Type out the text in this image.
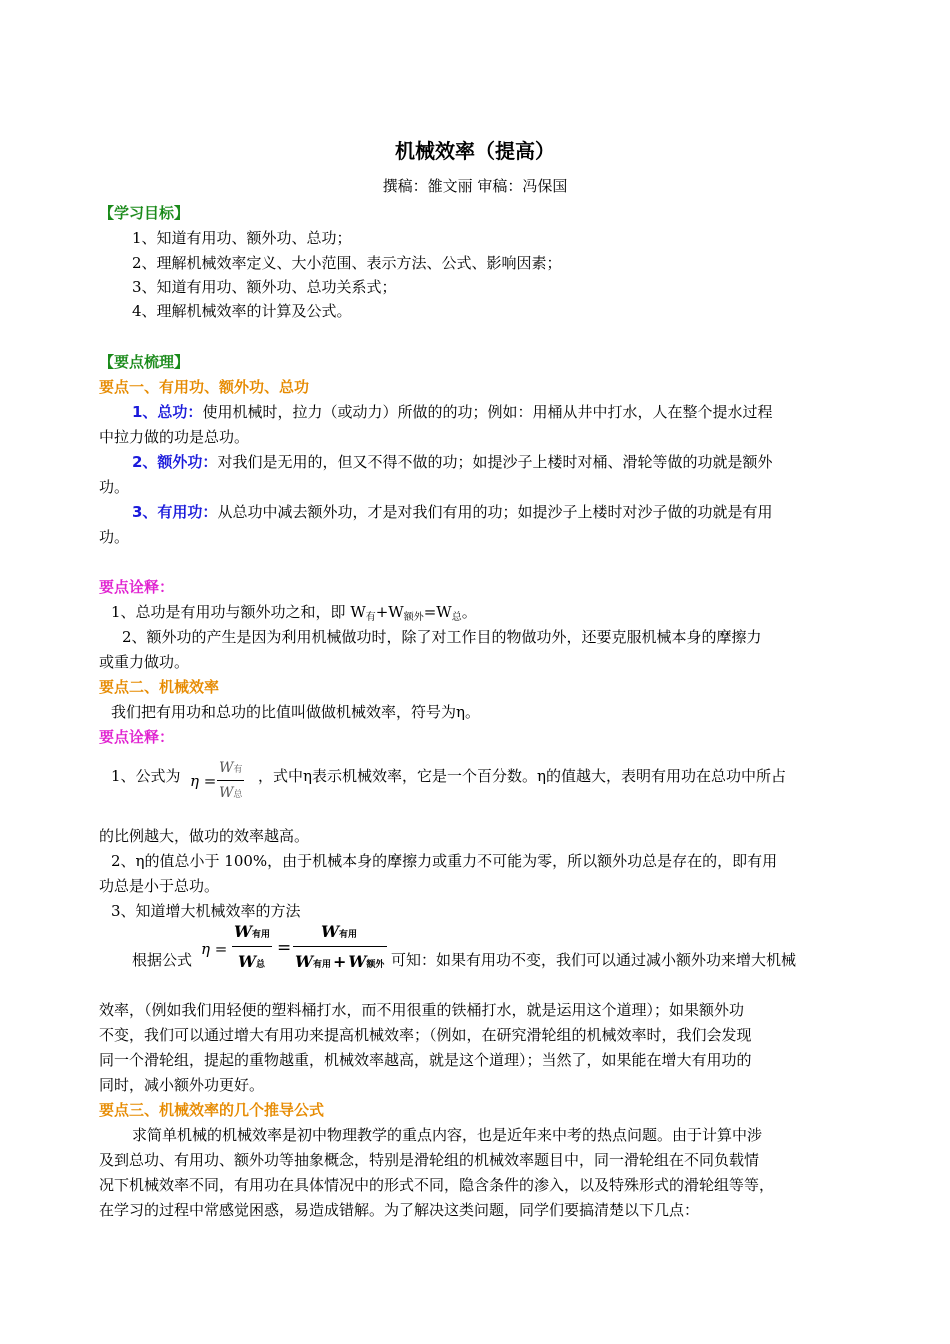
机械效率（提高）
撰稿：雒文丽 审稿：冯保国
【学习目标】
1、知道有用功、额外功、总功；
2、理解机械效率定义、大小范围、表示方法、公式、影响因素；
3、知道有用功、额外功、总功关系式；
4、理解机械效率的计算及公式。
【要点梳理】
要点一、有用功、额外功、总功
1、总功：使用机械时，拉力（或动力）所做的的功；例如：用桶从井中打水，人在整个提水过程
中拉力做的功是总功。
2、额外功：对我们是无用的，但又不得不做的功；如提沙子上楼时对桶、滑轮等做的功就是额外
功。
3、有用功：从总功中减去额外功，才是对我们有用的功；如提沙子上楼时对沙子做的功就是有用
功。
要点诠释：
1、总功是有用功与额外功之和，即 $W_有+W_{额外}=W_总$。
2、额外功的产生是因为利用机械做功时，除了对工作目的物做功外，还要克服机械本身的摩擦力
或重力做功。
要点二、机械效率
我们把有用功和总功的比值叫做做机械效率，符号为η。
要点诠释：
1、公式为 η =
W有
W总
，式中η表示机械效率，它是一个百分数。η的值越大，表明有用功在总功中所占
的比例越大，做功的效率越高。
2、η的值总小于 100%，由于机械本身的摩擦力或重力不可能为零，所以额外功总是存在的，即有用
功总是小于总功。
3、知道增大机械效率的方法
根据公式
η =
W有用
W总
=
W有用
W有用 + W额外 可知：如果有用功不变，我们可以通过减小额外功来增大机械
效率，（例如我们用轻便的塑料桶打水，而不用很重的铁桶打水，就是运用这个道理）；如果额外功
不变，我们可以通过增大有用功来提高机械效率；（例如，在研究滑轮组的机械效率时，我们会发现
同一个滑轮组，提起的重物越重，机械效率越高，就是这个道理）；当然了，如果能在增大有用功的
同时，减小额外功更好。
要点三、机械效率的几个推导公式
求简单机械的机械效率是初中物理教学的重点内容，也是近年来中考的热点问题。由于计算中涉
及到总功、有用功、额外功等抽象概念，特别是滑轮组的机械效率题目中，同一滑轮组在不同负载情
况下机械效率不同，有用功在具体情况中的形式不同，隐含条件的渗入，以及特殊形式的滑轮组等等，
在学习的过程中常感觉困惑，易造成错解。为了解决这类问题，同学们要搞清楚以下几点：
